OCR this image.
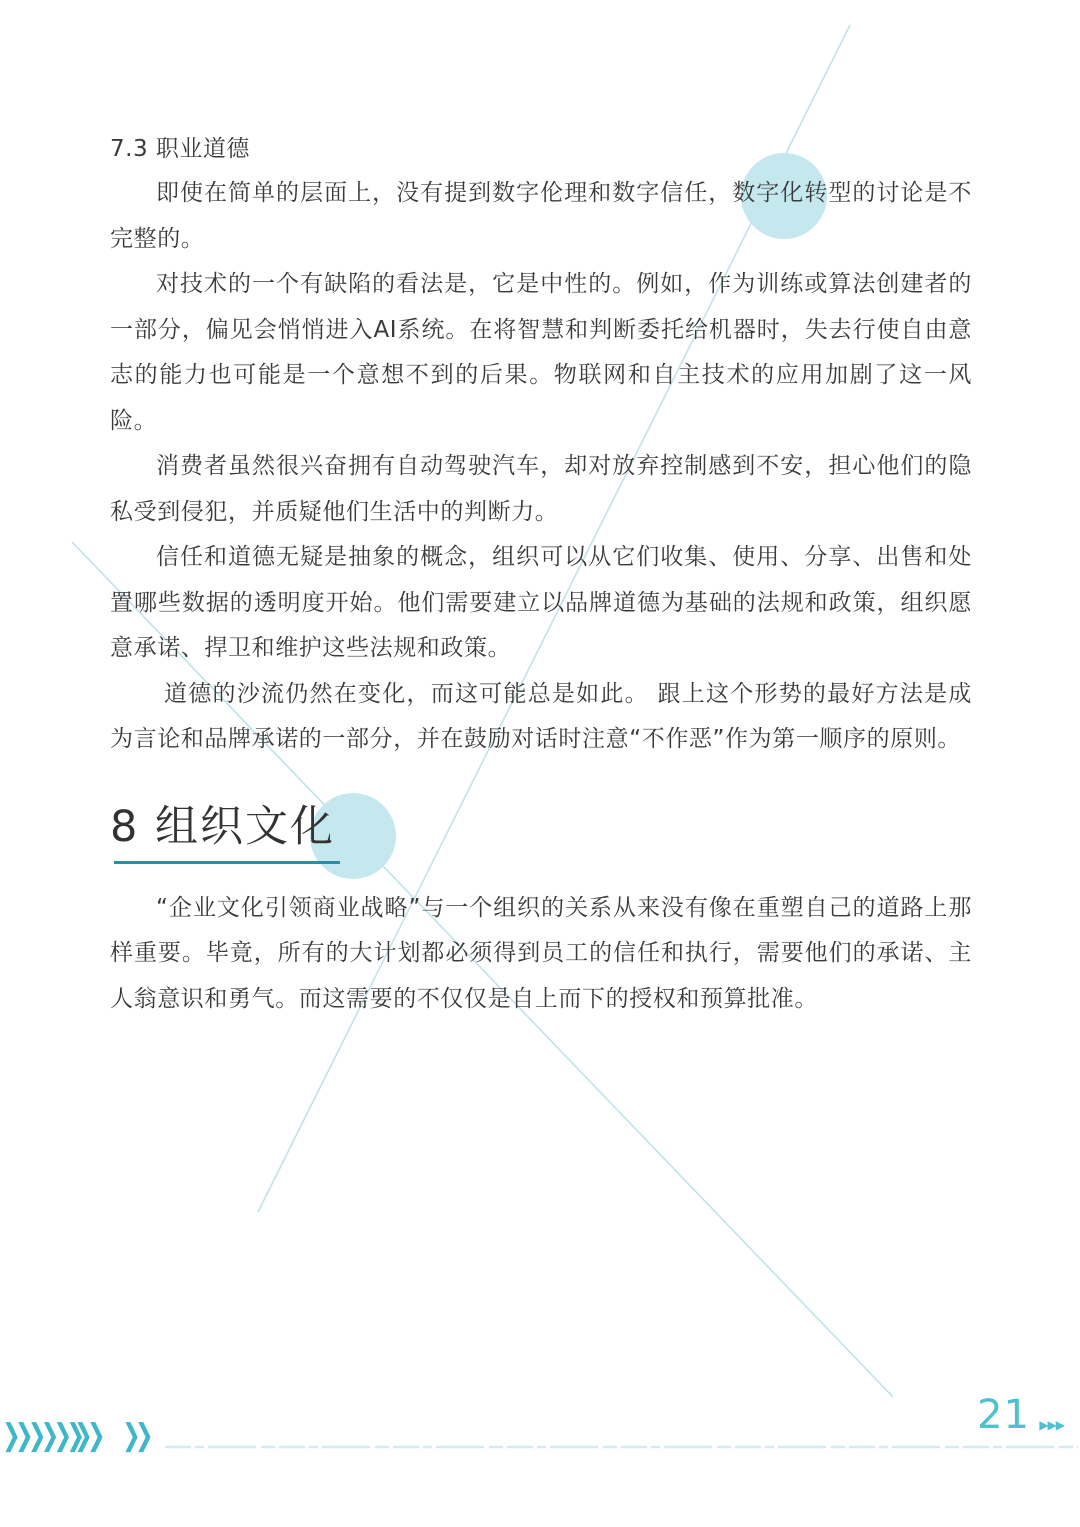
7.3 职业道德

即使在简单的层面上，没有提到数字伦理和数字信任，数字化转型的讨论是不完整的。

对技术的一个有缺陷的看法是，它是中性的。例如，作为训练或算法创建者的一部分，偏见会悄悄进入AI系统。在将智慧和判断委托给机器时，失去行使自由意志的能力也可能是一个意想不到的后果。物联网和自主技术的应用加剧了这一风险。

消费者虽然很兴奋拥有自动驾驶汽车，却对放弃控制感到不安，担心他们的隐私受到侵犯，并质疑他们生活中的判断力。

信任和道德无疑是抽象的概念，组织可以从它们收集、使用、分享、出售和处置哪些数据的透明度开始。他们需要建立以品牌道德为基础的法规和政策，组织愿意承诺、捍卫和维护这些法规和政策。

道德的沙流仍然在变化，而这可能总是如此。 跟上这个形势的最好方法是成为言论和品牌承诺的一部分，并在鼓励对话时注意“不作恶”作为第一顺序的原则。

8 组织文化

“企业文化引领商业战略”与一个组织的关系从来没有像在重塑自己的道路上那样重要。毕竟，所有的大计划都必须得到员工的信任和执行，需要他们的承诺、主人翁意识和勇气。而这需要的不仅仅是自上而下的授权和预算批准。

21 ▶▶▶
❯❯❯❯❯❯
❯❯ ❯❯
